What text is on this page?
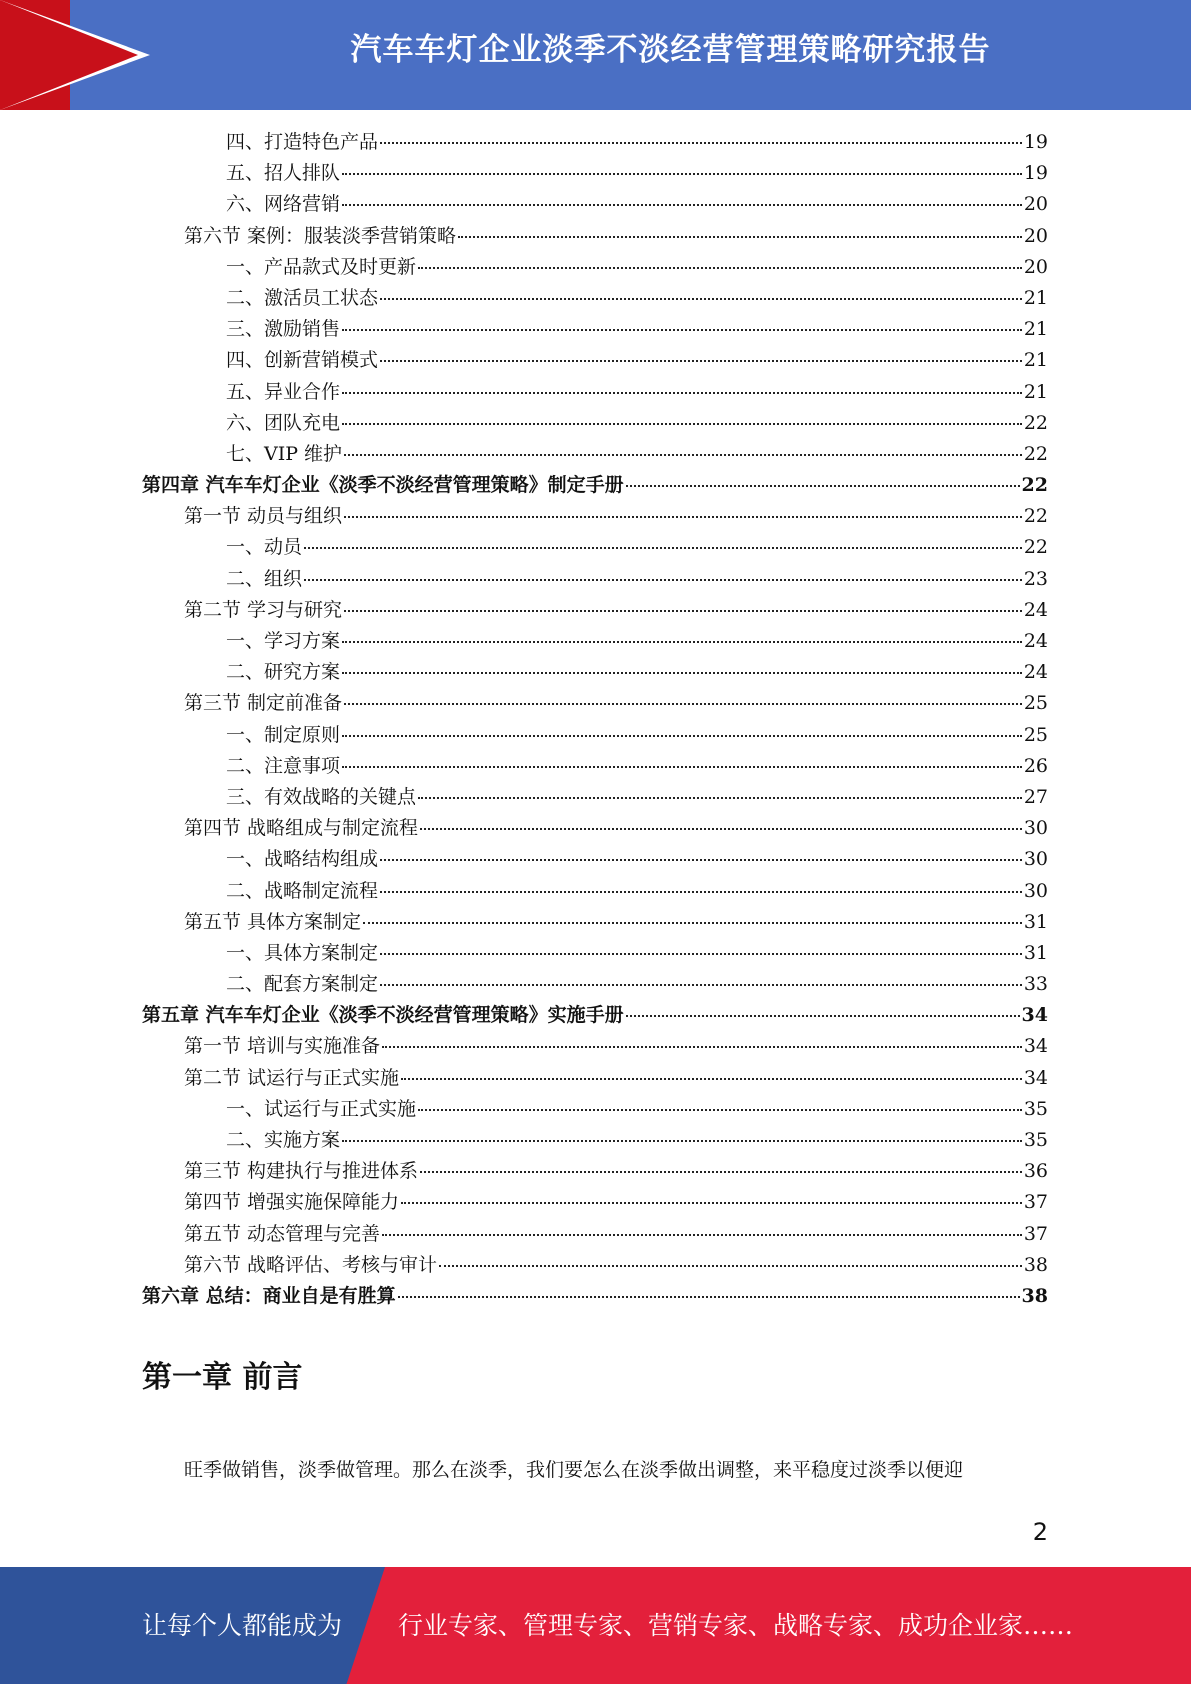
汽车车灯企业淡季不淡经营管理策略研究报告
四、打造特色产品	19
五、招人排队	19
六、网络营销	20
第六节 案例：服装淡季营销策略	20
一、产品款式及时更新	20
二、激活员工状态	21
三、激励销售	21
四、创新营销模式	21
五、异业合作	21
六、团队充电	22
七、VIP 维护	22
第四章 汽车车灯企业《淡季不淡经营管理策略》制定手册	22
第一节 动员与组织	22
一、动员	22
二、组织	23
第二节 学习与研究	24
一、学习方案	24
二、研究方案	24
第三节 制定前准备	25
一、制定原则	25
二、注意事项	26
三、有效战略的关键点	27
第四节 战略组成与制定流程	30
一、战略结构组成	30
二、战略制定流程	30
第五节 具体方案制定	31
一、具体方案制定	31
二、配套方案制定	33
第五章 汽车车灯企业《淡季不淡经营管理策略》实施手册	34
第一节 培训与实施准备	34
第二节 试运行与正式实施	34
一、试运行与正式实施	35
二、实施方案	35
第三节 构建执行与推进体系	36
第四节 增强实施保障能力	37
第五节 动态管理与完善	37
第六节 战略评估、考核与审计	38
第六章 总结：商业自是有胜算	38
第一章 前言
旺季做销售，淡季做管理。那么在淡季，我们要怎么在淡季做出调整，来平稳度过淡季以便迎
2
让每个人都能成为 行业专家、管理专家、营销专家、战略专家、成功企业家……
